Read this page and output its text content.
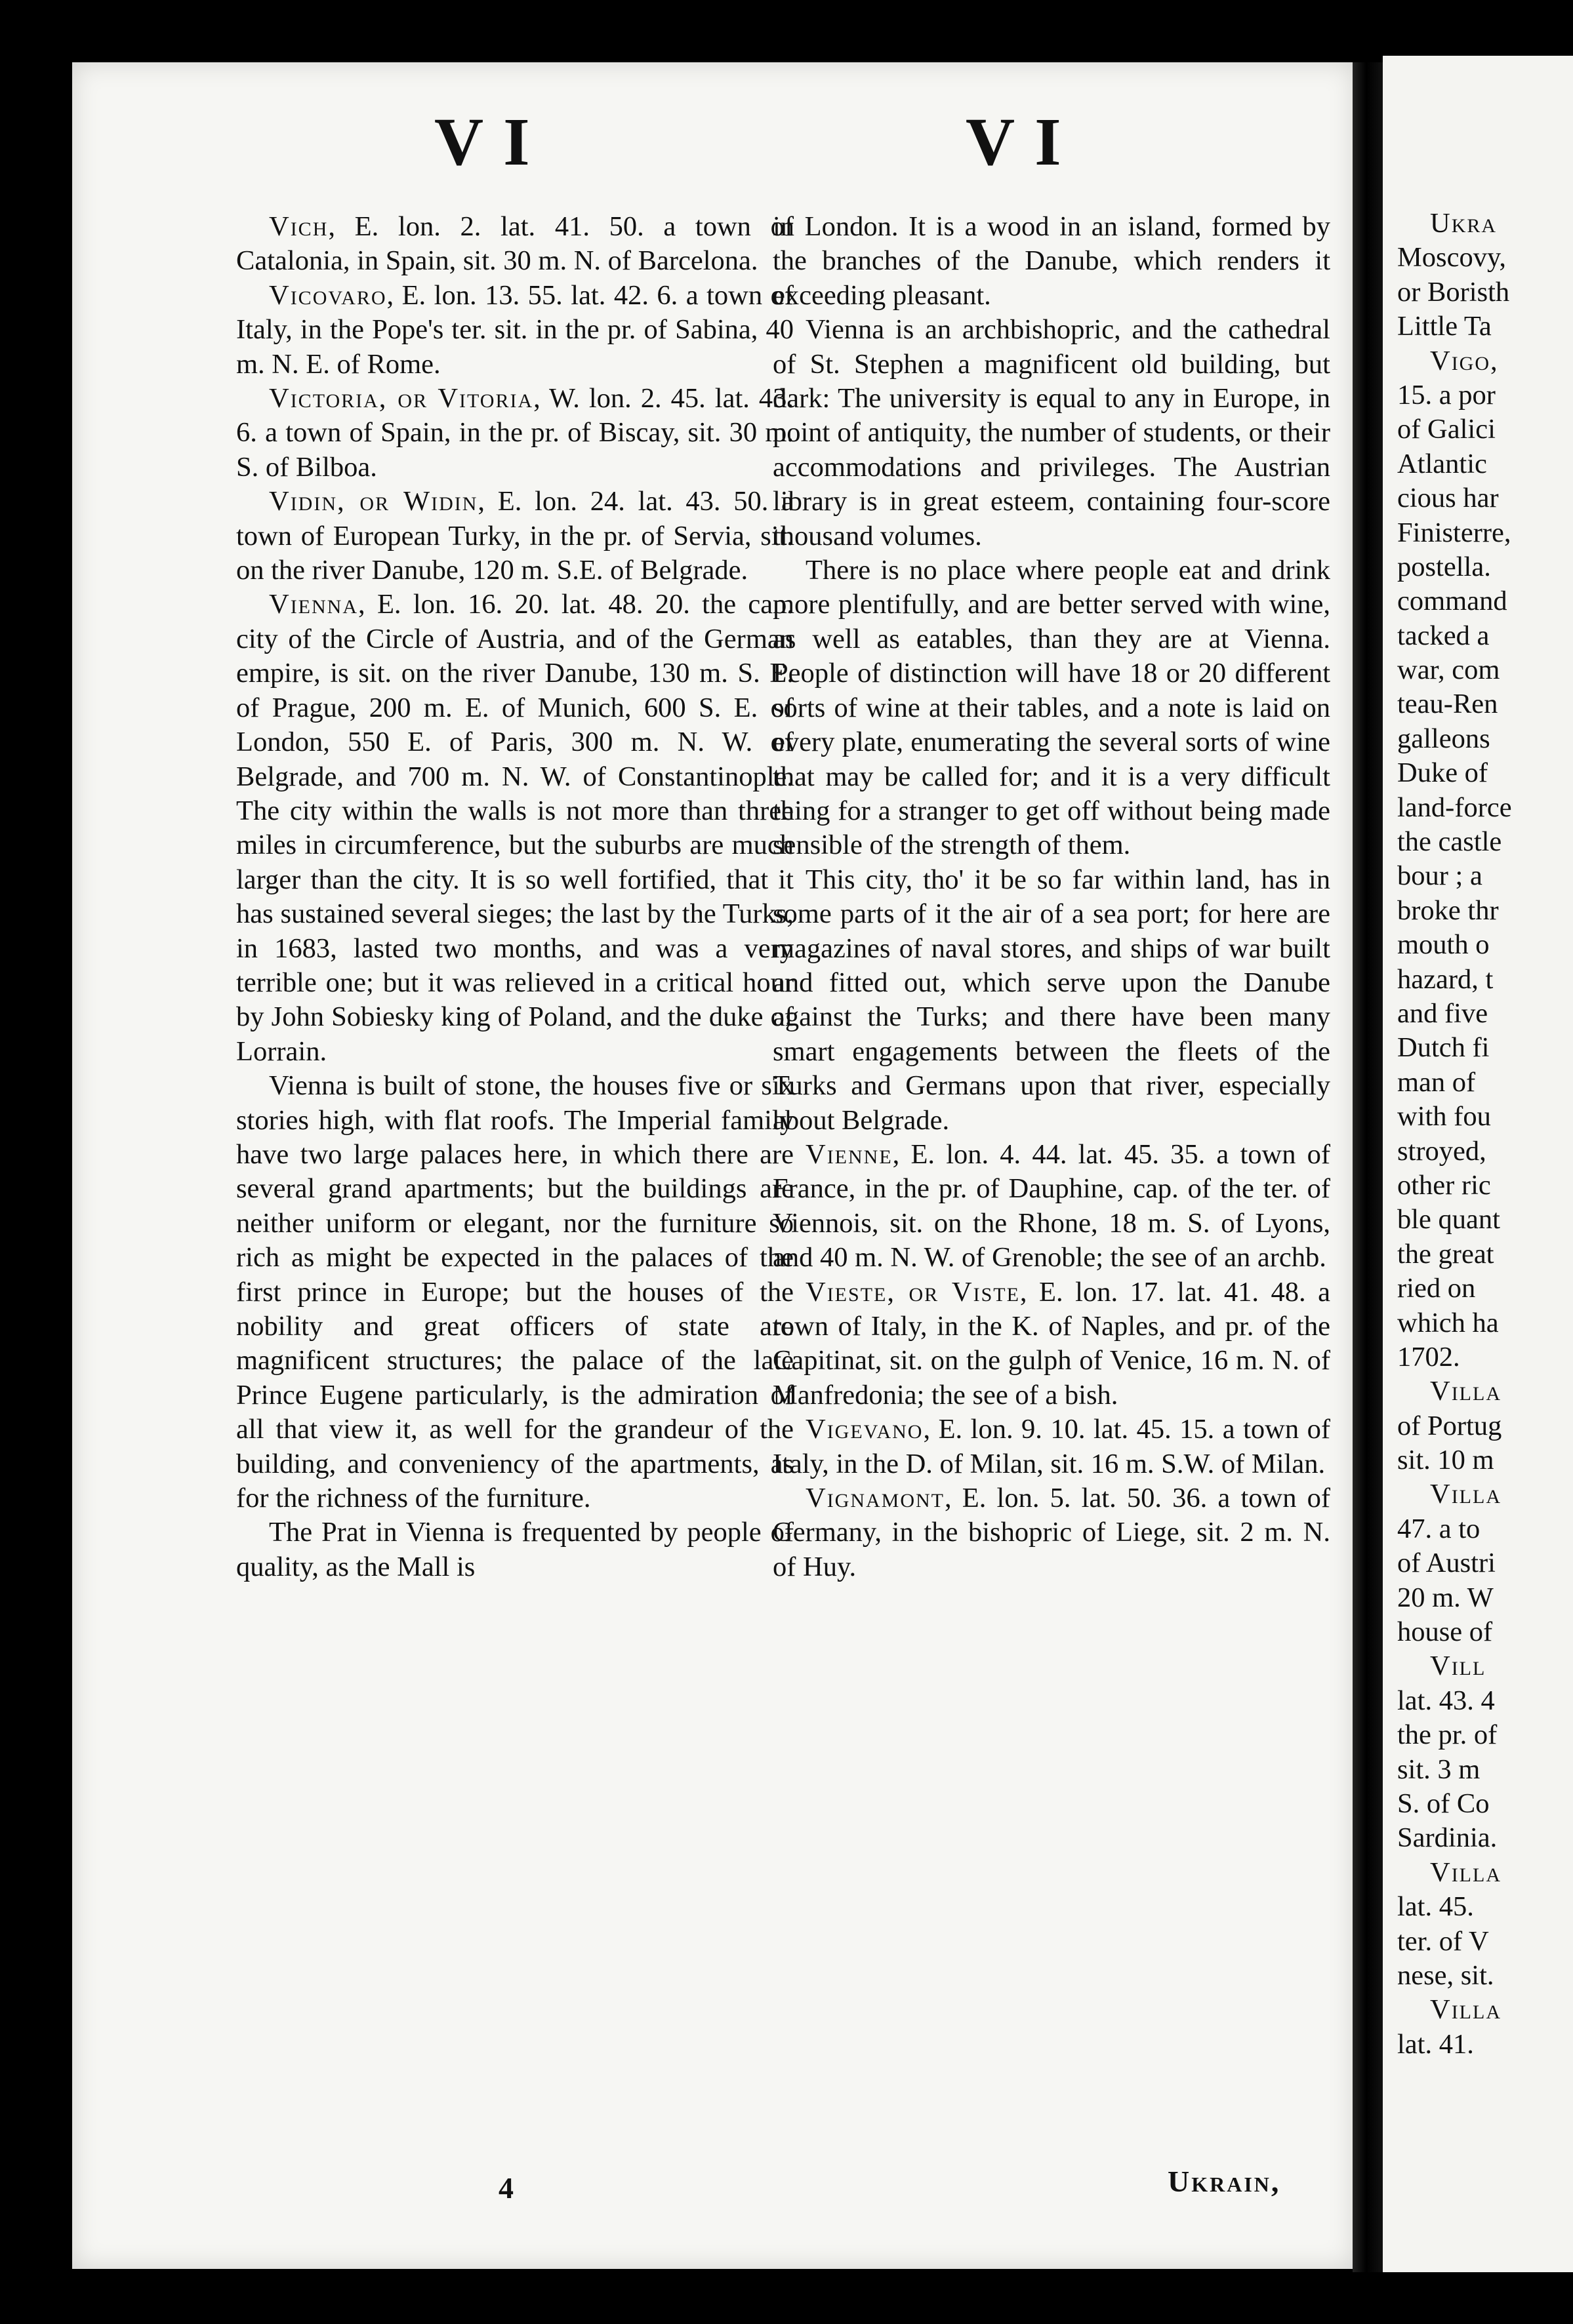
VI	VI

Vich, E. lon. 2. lat. 41. 50. a town of Catalonia, in Spain, sit. 30 m. N. of Barcelona.

Vicovaro, E. lon. 13. 55. lat. 42. 6. a town of Italy, in the Pope's ter. sit. in the pr. of Sabina, 40 m. N. E. of Rome.

Victoria, or Vitoria, W. lon. 2. 45. lat. 43. 6. a town of Spain, in the pr. of Biscay, sit. 30 m. S. of Bilboa.

Vidin, or Widin, E. lon. 24. lat. 43. 50. a town of European Turky, in the pr. of Servia, sit. on the river Danube, 120 m. S.E. of Belgrade.

Vienna, E. lon. 16. 20. lat. 48. 20. the cap. city of the Circle of Austria, and of the German empire, is sit. on the river Danube, 130 m. S. E. of Prague, 200 m. E. of Munich, 600 S. E. of London, 550 E. of Paris, 300 m. N. W. of Belgrade, and 700 m. N. W. of Constantinople. The city within the walls is not more than three miles in circumference, but the suburbs are much larger than the city. It is so well fortified, that it has sustained several sieges; the last by the Turks, in 1683, lasted two months, and was a very terrible one; but it was relieved in a critical hour by John Sobiesky king of Poland, and the duke of Lorrain.

Vienna is built of stone, the houses five or six stories high, with flat roofs. The Imperial family have two large palaces here, in which there are several grand apartments; but the buildings are neither uniform or elegant, nor the furniture so rich as might be expected in the palaces of the first prince in Europe; but the houses of the nobility and great officers of state are magnificent structures; the palace of the late Prince Eugene particularly, is the admiration of all that view it, as well for the grandeur of the building, and conveniency of the apartments, as for the richness of the furniture.

The Prat in Vienna is frequented by people of quality, as the Mall is

in London. It is a wood in an island, formed by the branches of the Danube, which renders it exceeding pleasant.

Vienna is an archbishopric, and the cathedral of St. Stephen a magnificent old building, but dark: The university is equal to any in Europe, in point of antiquity, the number of students, or their accommodations and privileges. The Austrian library is in great esteem, containing four-score thousand volumes.

There is no place where people eat and drink more plentifully, and are better served with wine, as well as eatables, than they are at Vienna. People of distinction will have 18 or 20 different sorts of wine at their tables, and a note is laid on every plate, enumerating the several sorts of wine that may be called for; and it is a very difficult thing for a stranger to get off without being made sensible of the strength of them.

This city, tho' it be so far within land, has in some parts of it the air of a sea port; for here are magazines of naval stores, and ships of war built and fitted out, which serve upon the Danube against the Turks; and there have been many smart engagements between the fleets of the Turks and Germans upon that river, especially about Belgrade.

Vienne, E. lon. 4. 44. lat. 45. 35. a town of France, in the pr. of Dauphine, cap. of the ter. of Viennois, sit. on the Rhone, 18 m. S. of Lyons, and 40 m. N. W. of Grenoble; the see of an archb.

Vieste, or Viste, E. lon. 17. lat. 41. 48. a town of Italy, in the K. of Naples, and pr. of the Capitinat, sit. on the gulph of Venice, 16 m. N. of Manfredonia; the see of a bish.

Vigevano, E. lon. 9. 10. lat. 45. 15. a town of Italy, in the D. of Milan, sit. 16 m. S.W. of Milan.

Vignamont, E. lon. 5. lat. 50. 36. a town of Germany, in the bishopric of Liege, sit. 2 m. N. of Huy.

4	Ukrain,
Ukra
Moscovy,
or Boristh
Little Ta
Vigo,
15. a por
of Galici
Atlantic
cious har
Finisterre,
postella.
command
tacked a
war, com
teau-Ren
galleons
Duke of
land-force
the castle
bour ; a
broke thr
mouth o
hazard, t
and five
Dutch fi
man of
with fou
stroyed,
other ric
ble quant
the great
ried on
which ha
1702.
Villa
of Portug
sit. 10 m
Villa
47. a to
of Austri
20 m. W
house of
Vill
lat. 43. 4
the pr. of
sit. 3 m
S. of Co
Sardinia.
Villa
lat. 45.
ter. of V
nese, sit.
Villa
lat. 41.
